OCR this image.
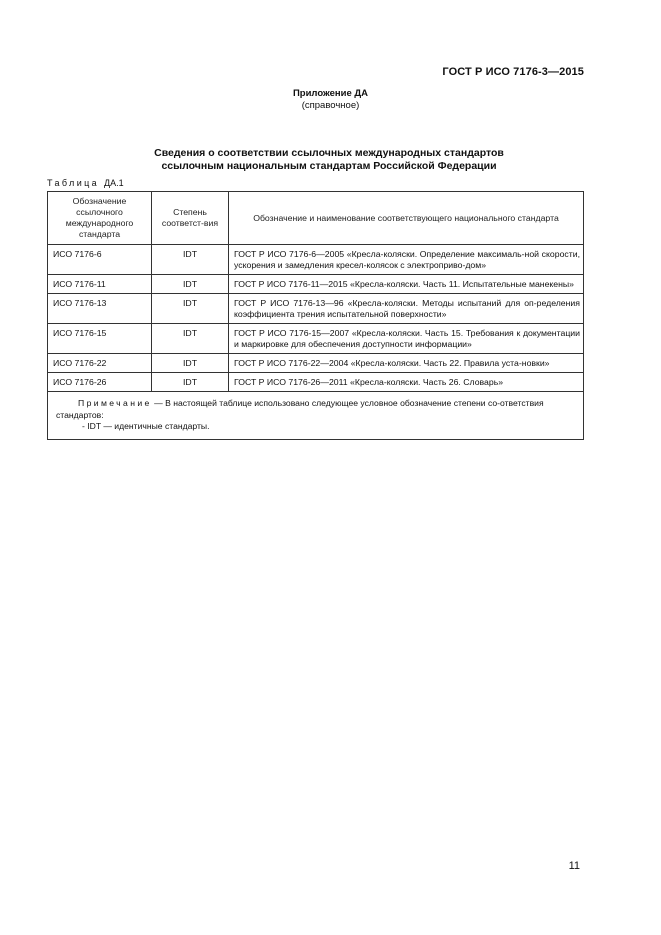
ГОСТ Р ИСО 7176-3—2015
Приложение ДА
(справочное)
Сведения о соответствии ссылочных международных стандартов
ссылочным национальным стандартам Российской Федерации
Таблица ДА.1
Обозначение ссылочного международного стандарта	Степень соответст-вия	Обозначение и наименование соответствующего национального стандарта
ИСО 7176-6	IDT	ГОСТ Р ИСО 7176-6—2005 «Кресла-коляски. Определение максималь-ной скорости, ускорения и замедления кресел-колясок с электроприво-дом»
ИСО 7176-11	IDT	ГОСТ Р ИСО 7176-11—2015 «Кресла-коляски. Часть 11. Испытательные манекены»
ИСО 7176-13	IDT	ГОСТ Р ИСО 7176-13—96 «Кресла-коляски. Методы испытаний для оп-ределения коэффициента трения испытательной поверхности»
ИСО 7176-15	IDT	ГОСТ Р ИСО 7176-15—2007 «Кресла-коляски. Часть 15. Требования к документации и маркировке для обеспечения доступности информации»
ИСО 7176-22	IDT	ГОСТ Р ИСО 7176-22—2004 «Кресла-коляски. Часть 22. Правила уста-новки»
ИСО 7176-26	IDT	ГОСТ Р ИСО 7176-26—2011 «Кресла-коляски. Часть 26. Словарь»

Примечание — В настоящей таблице использовано следующее условное обозначение степени со-ответствия стандартов:
- IDT — идентичные стандарты.		
11
